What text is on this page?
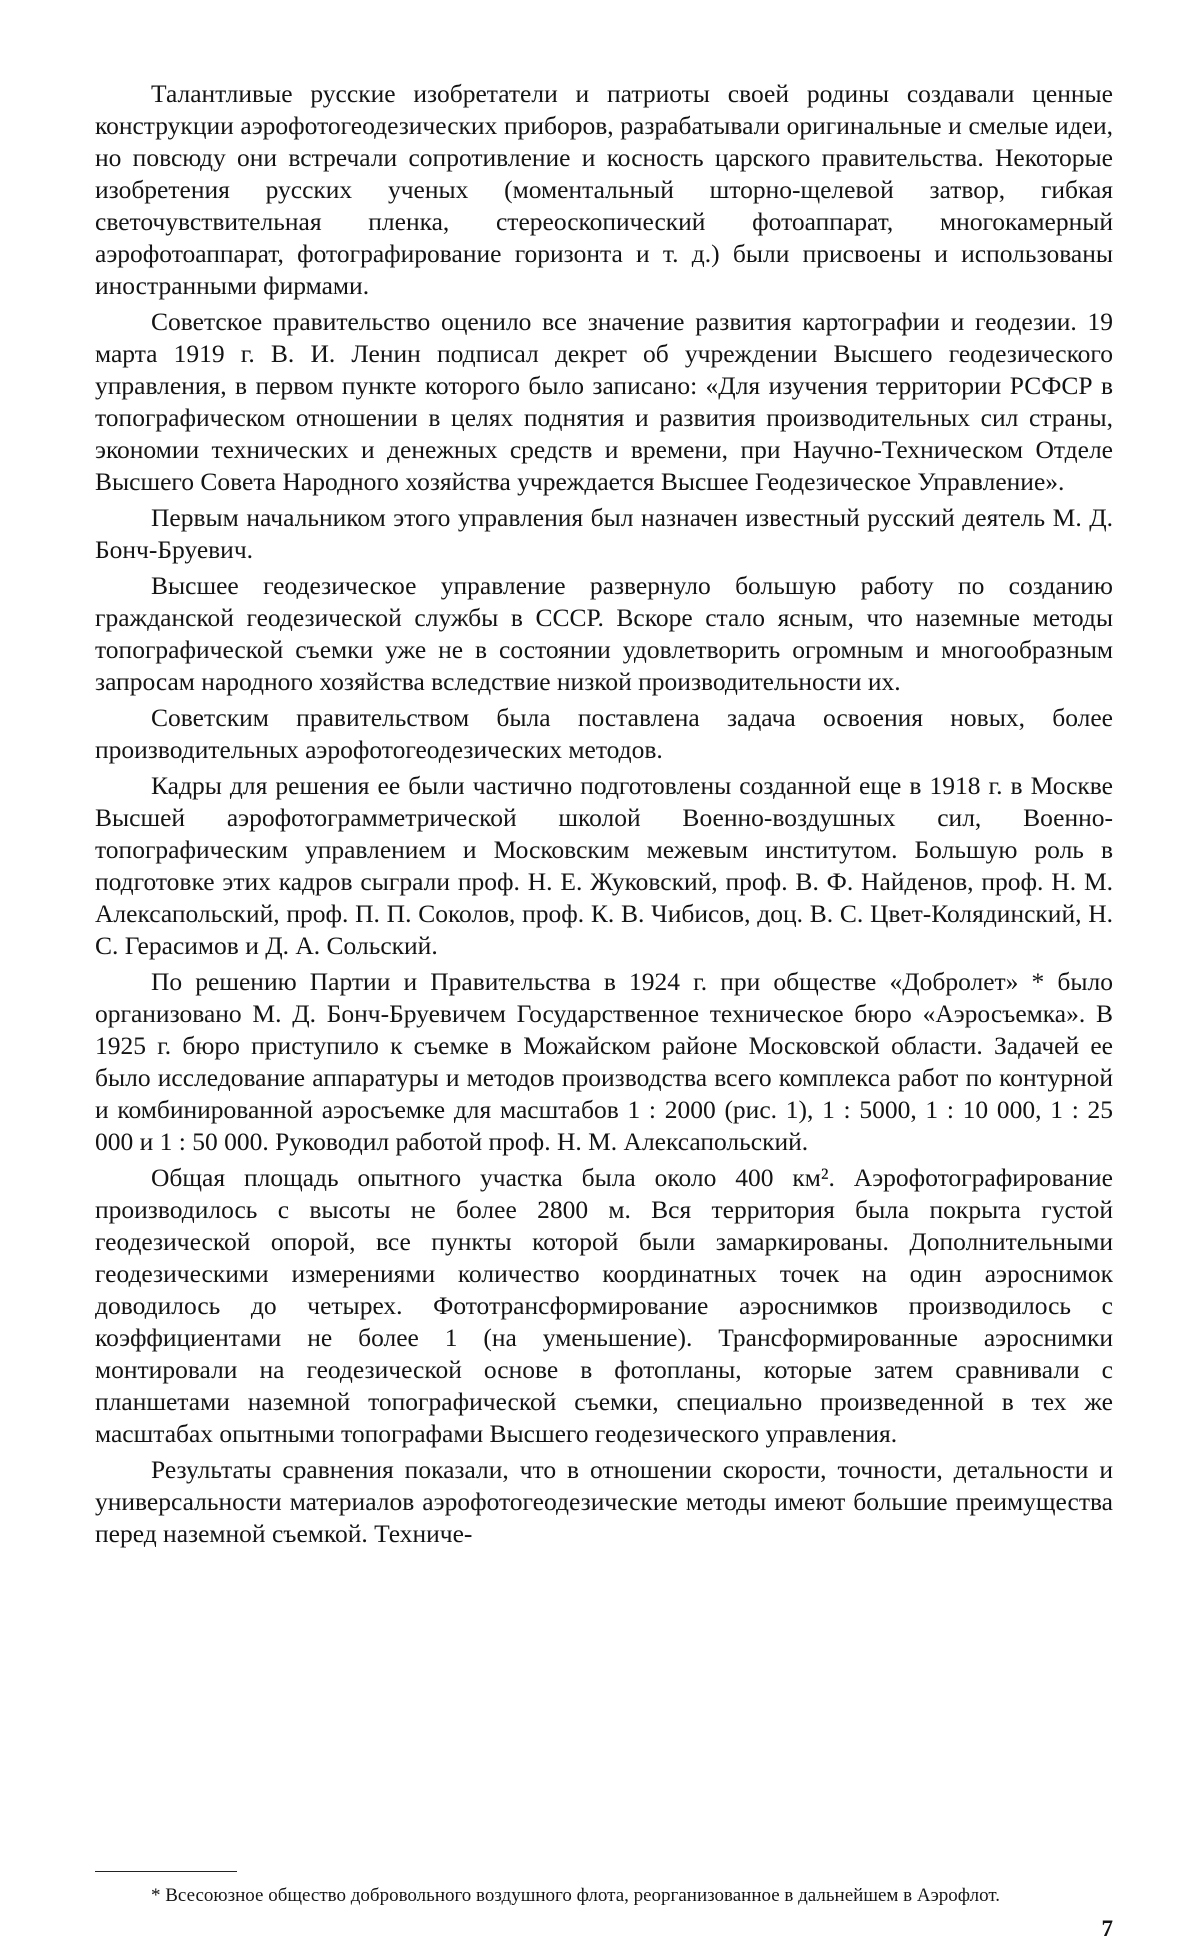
Талантливые русские изобретатели и патриоты своей родины создавали ценные конструкции аэрофотогеодезических приборов, разрабатывали оригинальные и смелые идеи, но повсюду они встречали сопротивление и косность царского правительства. Некоторые изобретения русских ученых (моментальный шторно-щелевой затвор, гибкая светочувствительная пленка, стереоскопический фотоаппарат, многокамерный аэрофотоаппарат, фотографирование горизонта и т. д.) были присвоены и использованы иностранными фирмами.

Советское правительство оценило все значение развития картографии и геодезии. 19 марта 1919 г. В. И. Ленин подписал декрет об учреждении Высшего геодезического управления, в первом пункте которого было записано: «Для изучения территории РСФСР в топографическом отношении в целях поднятия и развития производительных сил страны, экономии технических и денежных средств и времени, при Научно-Техническом Отделе Высшего Совета Народного хозяйства учреждается Высшее Геодезическое Управление».

Первым начальником этого управления был назначен известный русский деятель М. Д. Бонч-Бруевич.

Высшее геодезическое управление развернуло большую работу по созданию гражданской геодезической службы в СССР. Вскоре стало ясным, что наземные методы топографической съемки уже не в состоянии удовлетворить огромным и многообразным запросам народного хозяйства вследствие низкой производительности их.

Советским правительством была поставлена задача освоения новых, более производительных аэрофотогеодезических методов.

Кадры для решения ее были частично подготовлены созданной еще в 1918 г. в Москве Высшей аэрофотограмметрической школой Военно-воздушных сил, Военно-топографическим управлением и Московским межевым институтом. Большую роль в подготовке этих кадров сыграли проф. Н. Е. Жуковский, проф. В. Ф. Найденов, проф. Н. М. Алексапольский, проф. П. П. Соколов, проф. К. В. Чибисов, доц. В. С. Цвет-Колядинский, Н. С. Герасимов и Д. А. Сольский.

По решению Партии и Правительства в 1924 г. при обществе «Добролет» * было организовано М. Д. Бонч-Бруевичем Государственное техническое бюро «Аэросъемка». В 1925 г. бюро приступило к съемке в Можайском районе Московской области. Задачей ее было исследование аппаратуры и методов производства всего комплекса работ по контурной и комбинированной аэросъемке для масштабов 1 : 2000 (рис. 1), 1 : 5000, 1 : 10 000, 1 : 25 000 и 1 : 50 000. Руководил работой проф. Н. М. Алексапольский.

Общая площадь опытного участка была около 400 км². Аэрофотографирование производилось с высоты не более 2800 м. Вся территория была покрыта густой геодезической опорой, все пункты которой были замаркированы. Дополнительными геодезическими измерениями количество координатных точек на один аэроснимок доводилось до четырех. Фототрансформирование аэроснимков производилось с коэффициентами не более 1 (на уменьшение). Трансформированные аэроснимки монтировали на геодезической основе в фотопланы, которые затем сравнивали с планшетами наземной топографической съемки, специально произведенной в тех же масштабах опытными топографами Высшего геодезического управления.

Результаты сравнения показали, что в отношении скорости, точности, детальности и универсальности материалов аэрофотогеодезические методы имеют большие преимущества перед наземной съемкой. Техниче-

* Всесоюзное общество добровольного воздушного флота, реорганизованное в дальнейшем в Аэрофлот.

7
